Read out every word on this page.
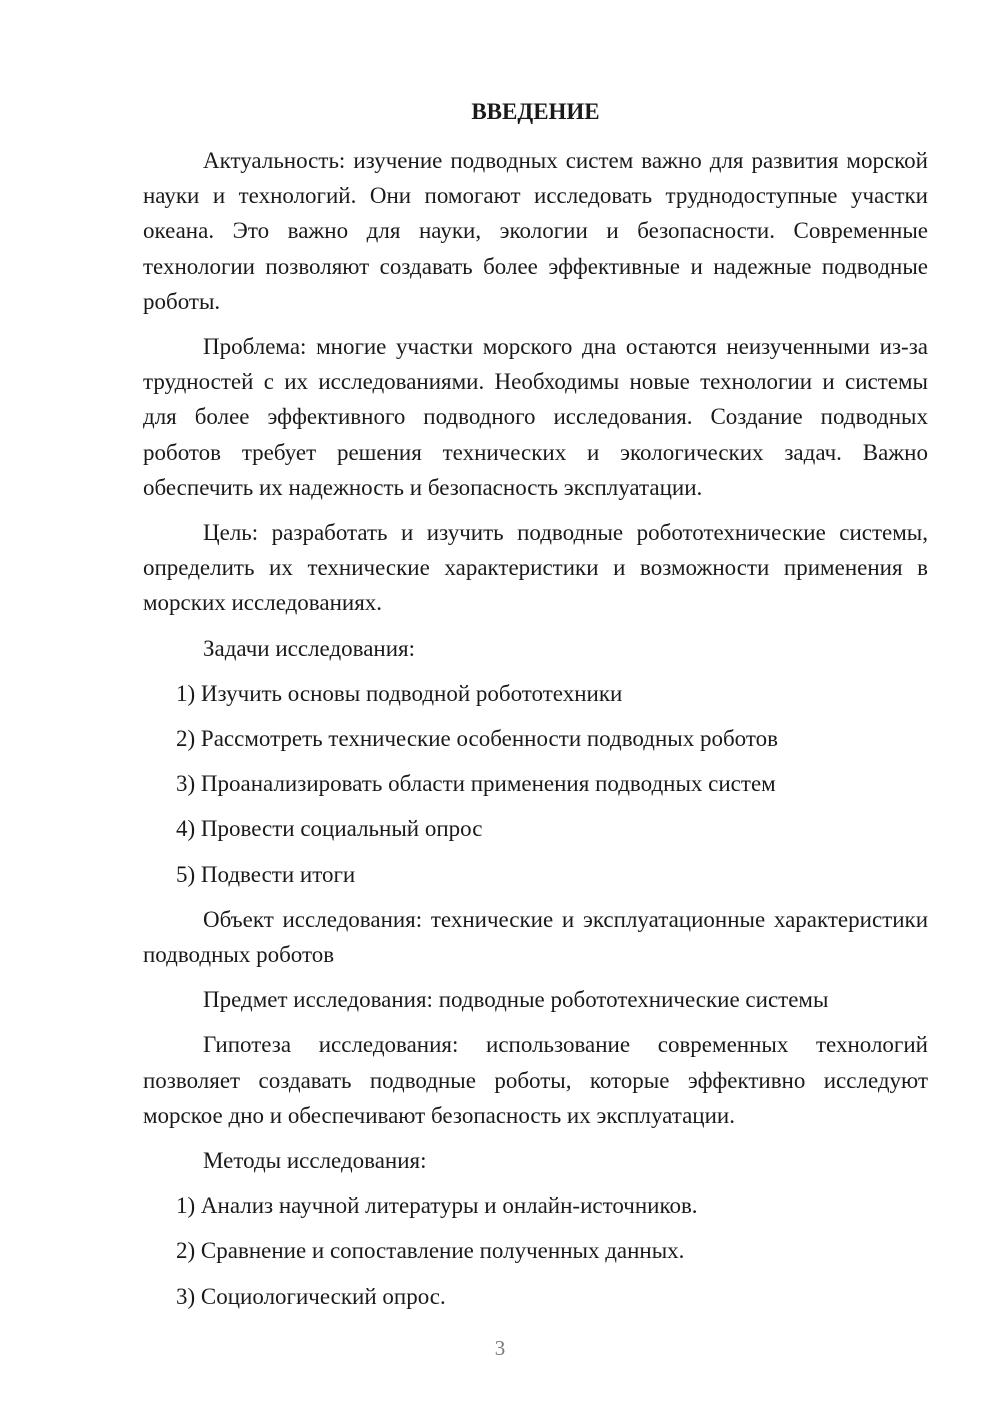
ВВЕДЕНИЕ

Актуальность: изучение подводных систем важно для развития морской науки и технологий. Они помогают исследовать труднодоступные участки океана. Это важно для науки, экологии и безопасности. Современные технологии позволяют создавать более эффективные и надежные подводные роботы.

Проблема: многие участки морского дна остаются неизученными из-за трудностей с их исследованиями. Необходимы новые технологии и системы для более эффективного подводного исследования. Создание подводных роботов требует решения технических и экологических задач. Важно обеспечить их надежность и безопасность эксплуатации.

Цель: разработать и изучить подводные робототехнические системы, определить их технические характеристики и возможности применения в морских исследованиях.

Задачи исследования:

1) Изучить основы подводной робототехники
2) Рассмотреть технические особенности подводных роботов
3) Проанализировать области применения подводных систем
4) Провести социальный опрос
5) Подвести итоги

Объект исследования: технические и эксплуатационные характеристики подводных роботов

Предмет исследования: подводные робототехнические системы

Гипотеза исследования: использование современных технологий позволяет создавать подводные роботы, которые эффективно исследуют морское дно и обеспечивают безопасность их эксплуатации.

Методы исследования:

1) Анализ научной литературы и онлайн-источников.
2) Сравнение и сопоставление полученных данных.
3) Социологический опрос.
3
